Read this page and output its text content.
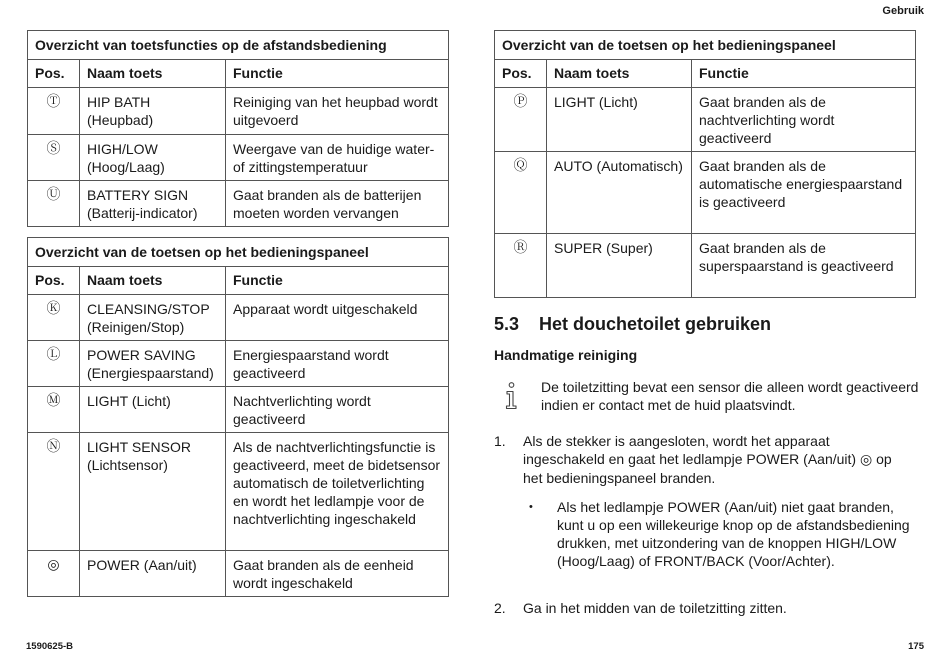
Gebruik
Overzicht van toetsfuncties op de afstandsbediening		
Pos.	Naam toets	Functie
Ⓣ	HIP BATH (Heupbad)	Reiniging van het heupbad wordt uitgevoerd
Ⓢ	HIGH/LOW (Hoog/Laag)	Weergave van de huidige water- of zittingstemperatuur
Ⓤ	BATTERY SIGN (Batterij-indicator)	Gaat branden als de batterijen moeten worden vervangen
Overzicht van de toetsen op het bedieningspaneel		
Pos.	Naam toets	Functie
Ⓚ	CLEANSING/STOP (Reinigen/Stop)	Apparaat wordt uitgeschakeld
Ⓛ	POWER SAVING (Energiespaarstand)	Energiespaarstand wordt geactiveerd
Ⓜ	LIGHT (Licht)	Nachtverlichting wordt geactiveerd
Ⓝ	LIGHT SENSOR (Lichtsensor)	Als de nachtverlichtingsfunctie is geactiveerd, meet de bidetsensor automatisch de toiletverlichting en wordt het ledlampje voor de nachtverlichting ingeschakeld
◎	POWER (Aan/uit)	Gaat branden als de eenheid wordt ingeschakeld
Overzicht van de toetsen op het bedieningspaneel		
Pos.	Naam toets	Functie
Ⓟ	LIGHT (Licht)	Gaat branden als de nachtverlichting wordt geactiveerd
Ⓠ	AUTO (Automatisch)	Gaat branden als de automatische energiespaarstand is geactiveerd
Ⓡ	SUPER (Super)	Gaat branden als de superspaarstand is geactiveerd
5.3 Het douchetoilet gebruiken
Handmatige reiniging
De toiletzitting bevat een sensor die alleen wordt geactiveerd indien er contact met de huid plaatsvindt.
1. Als de stekker is aangesloten, wordt het apparaat ingeschakeld en gaat het ledlampje POWER (Aan/uit) ◎ op het bedieningspaneel branden.
• Als het ledlampje POWER (Aan/uit) niet gaat branden, kunt u op een willekeurige knop op de afstandsbediening drukken, met uitzondering van de knoppen HIGH/LOW (Hoog/Laag) of FRONT/BACK (Voor/Achter).
2. Ga in het midden van de toiletzitting zitten.
1590625-B	175
